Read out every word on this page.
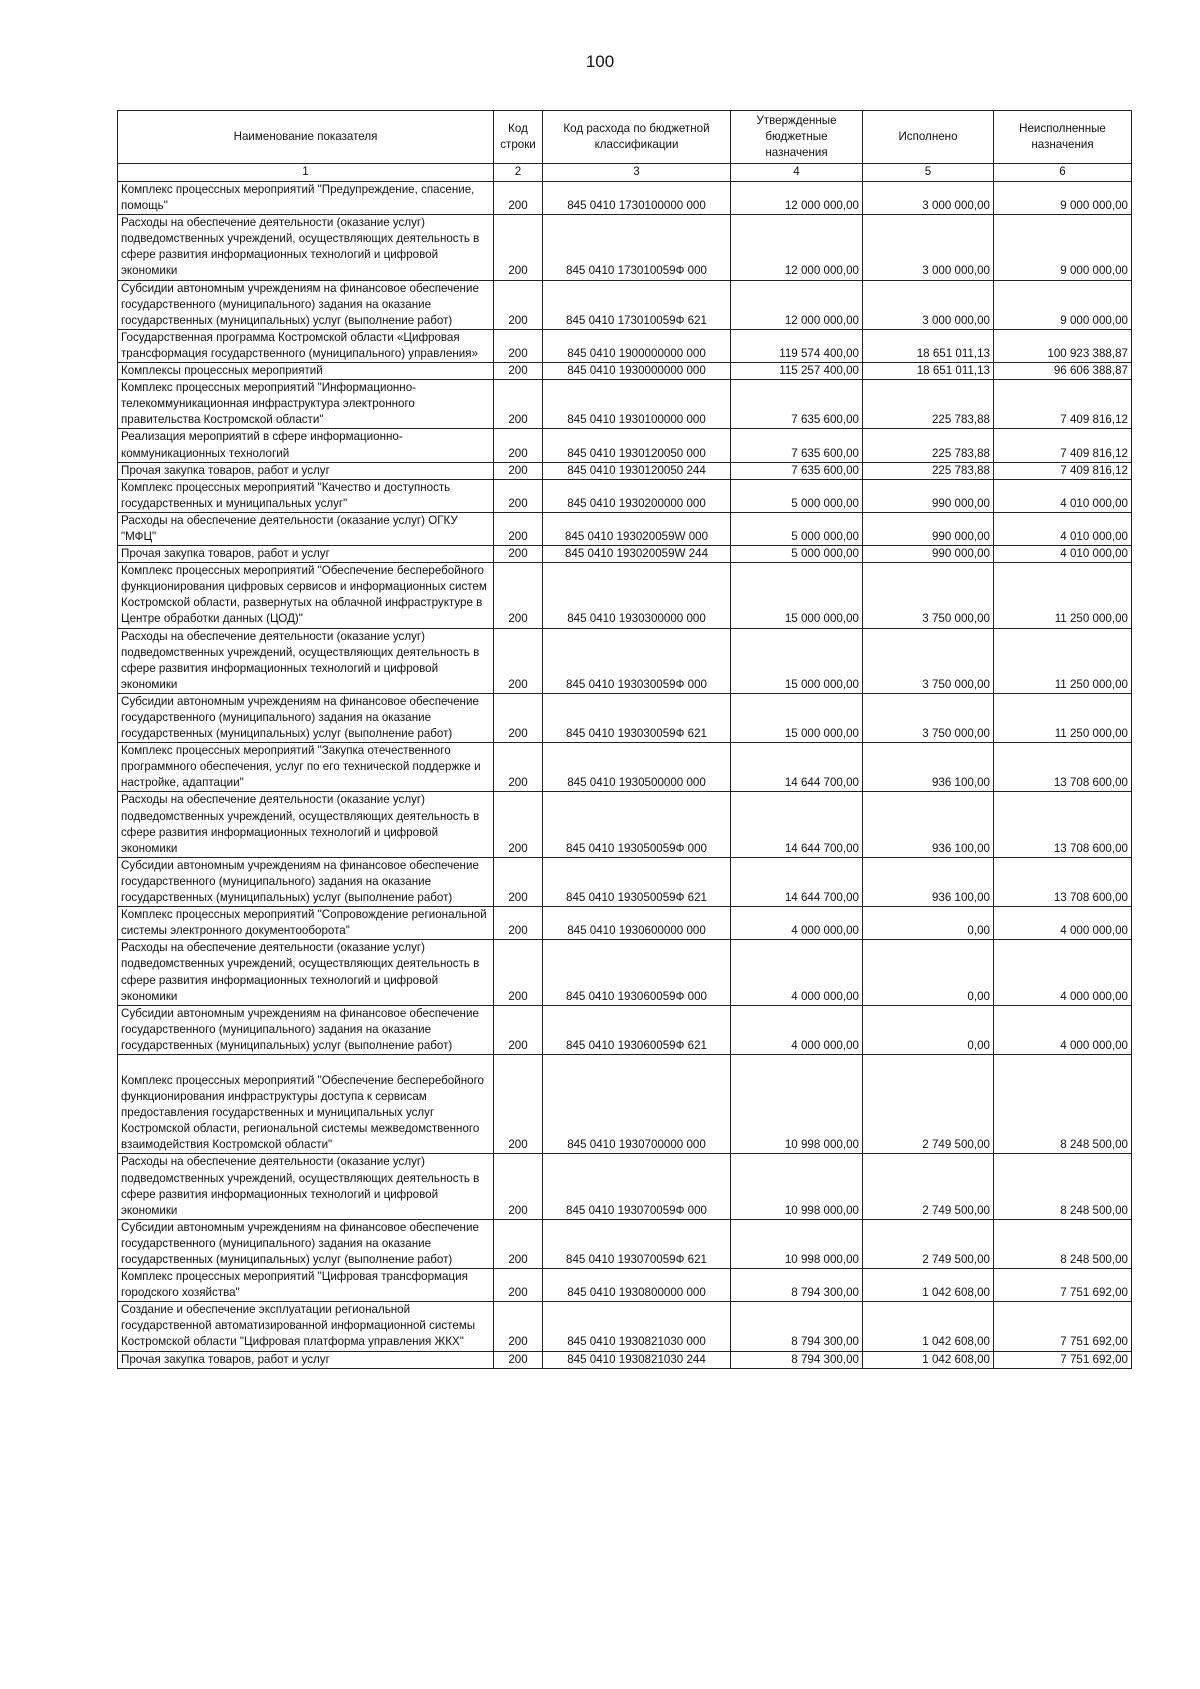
100
Наименование показателя	Код строки	Код расхода по бюджетной классификации	Утвержденные бюджетные назначения	Исполнено	Неисполненные назначения
1	2	3	4	5	6
Комплекс процессных мероприятий "Предупреждение, спасение, помощь"	200	845 0410 1730100000 000	12 000 000,00	3 000 000,00	9 000 000,00
Расходы на обеспечение деятельности (оказание услуг) подведомственных учреждений, осуществляющих деятельность в сфере развития информационных технологий и цифровой экономики	200	845 0410 173010059Ф 000	12 000 000,00	3 000 000,00	9 000 000,00
Субсидии автономным учреждениям на финансовое обеспечение государственного (муниципального) задания на оказание государственных (муниципальных) услуг (выполнение работ)	200	845 0410 173010059Ф 621	12 000 000,00	3 000 000,00	9 000 000,00
Государственная программа Костромской области «Цифровая трансформация государственного (муниципального) управления»	200	845 0410 1900000000 000	119 574 400,00	18 651 011,13	100 923 388,87
Комплексы процессных мероприятий	200	845 0410 1930000000 000	115 257 400,00	18 651 011,13	96 606 388,87
Комплекс процессных мероприятий "Информационно-телекоммуникационная инфраструктура электронного правительства Костромской области"	200	845 0410 1930100000 000	7 635 600,00	225 783,88	7 409 816,12
Реализация мероприятий в сфере информационно-коммуникационных технологий	200	845 0410 1930120050 000	7 635 600,00	225 783,88	7 409 816,12
Прочая закупка товаров, работ и услуг	200	845 0410 1930120050 244	7 635 600,00	225 783,88	7 409 816,12
Комплекс процессных мероприятий "Качество и доступность государственных и муниципальных услуг"	200	845 0410 1930200000 000	5 000 000,00	990 000,00	4 010 000,00
Расходы на обеспечение деятельности (оказание услуг) ОГКУ "МФЦ"	200	845 0410 193020059W 000	5 000 000,00	990 000,00	4 010 000,00
Прочая закупка товаров, работ и услуг	200	845 0410 193020059W 244	5 000 000,00	990 000,00	4 010 000,00
Комплекс процессных мероприятий "Обеспечение бесперебойного функционирования цифровых сервисов и информационных систем Костромской области, развернутых на облачной инфраструктуре в Центре обработки данных (ЦОД)"	200	845 0410 1930300000 000	15 000 000,00	3 750 000,00	11 250 000,00
Расходы на обеспечение деятельности (оказание услуг) подведомственных учреждений, осуществляющих деятельность в сфере развития информационных технологий и цифровой экономики	200	845 0410 193030059Ф 000	15 000 000,00	3 750 000,00	11 250 000,00
Субсидии автономным учреждениям на финансовое обеспечение государственного (муниципального) задания на оказание государственных (муниципальных) услуг (выполнение работ)	200	845 0410 193030059Ф 621	15 000 000,00	3 750 000,00	11 250 000,00
Комплекс процессных мероприятий "Закупка отечественного программного обеспечения, услуг по его технической поддержке и настройке, адаптации"	200	845 0410 1930500000 000	14 644 700,00	936 100,00	13 708 600,00
Расходы на обеспечение деятельности (оказание услуг) подведомственных учреждений, осуществляющих деятельность в сфере развития информационных технологий и цифровой экономики	200	845 0410 193050059Ф 000	14 644 700,00	936 100,00	13 708 600,00
Субсидии автономным учреждениям на финансовое обеспечение государственного (муниципального) задания на оказание государственных (муниципальных) услуг (выполнение работ)	200	845 0410 193050059Ф 621	14 644 700,00	936 100,00	13 708 600,00
Комплекс процессных мероприятий "Сопровождение региональной системы электронного документооборота"	200	845 0410 1930600000 000	4 000 000,00	0,00	4 000 000,00
Расходы на обеспечение деятельности (оказание услуг) подведомственных учреждений, осуществляющих деятельность в сфере развития информационных технологий и цифровой экономики	200	845 0410 193060059Ф 000	4 000 000,00	0,00	4 000 000,00
Субсидии автономным учреждениям на финансовое обеспечение государственного (муниципального) задания на оказание государственных (муниципальных) услуг (выполнение работ)	200	845 0410 193060059Ф 621	4 000 000,00	0,00	4 000 000,00
Комплекс процессных мероприятий "Обеспечение бесперебойного функционирования инфраструктуры доступа к сервисам предоставления государственных и муниципальных услуг Костромской области, региональной системы межведомственного взаимодействия Костромской области"	200	845 0410 1930700000 000	10 998 000,00	2 749 500,00	8 248 500,00
Расходы на обеспечение деятельности (оказание услуг) подведомственных учреждений, осуществляющих деятельность в сфере развития информационных технологий и цифровой экономики	200	845 0410 193070059Ф 000	10 998 000,00	2 749 500,00	8 248 500,00
Субсидии автономным учреждениям на финансовое обеспечение государственного (муниципального) задания на оказание государственных (муниципальных) услуг (выполнение работ)	200	845 0410 193070059Ф 621	10 998 000,00	2 749 500,00	8 248 500,00
Комплекс процессных мероприятий "Цифровая трансформация городского хозяйства"	200	845 0410 1930800000 000	8 794 300,00	1 042 608,00	7 751 692,00
Создание и обеспечение эксплуатации региональной государственной автоматизированной информационной системы Костромской области "Цифровая платформа управления ЖКХ"	200	845 0410 1930821030 000	8 794 300,00	1 042 608,00	7 751 692,00
Прочая закупка товаров, работ и услуг	200	845 0410 1930821030 244	8 794 300,00	1 042 608,00	7 751 692,00
